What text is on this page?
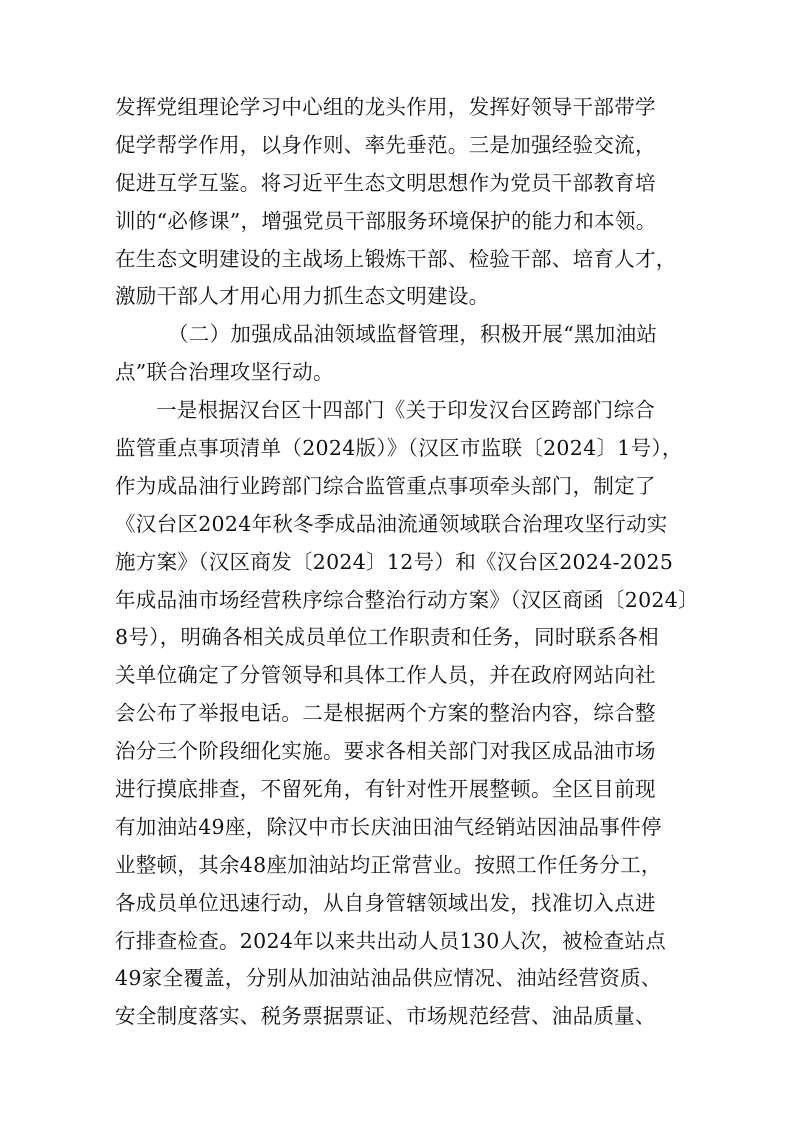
发挥党组理论学习中心组的龙头作用，发挥好领导干部带学
促学帮学作用，以身作则、率先垂范。三是加强经验交流，
促进互学互鉴。将习近平生态文明思想作为党员干部教育培
训的“必修课”，增强党员干部服务环境保护的能力和本领。
在生态文明建设的主战场上锻炼干部、检验干部、培育人才，
激励干部人才用心用力抓生态文明建设。
（二）加强成品油领域监督管理，积极开展“黑加油站
点”联合治理攻坚行动。
一是根据汉台区十四部门《关于印发汉台区跨部门综合
监管重点事项清单（2024版）》（汉区市监联〔2024〕1号），
作为成品油行业跨部门综合监管重点事项牵头部门，制定了
《汉台区2024年秋冬季成品油流通领域联合治理攻坚行动实
施方案》（汉区商发〔2024〕12号）和《汉台区2024-2025
年成品油市场经营秩序综合整治行动方案》（汉区商函〔2024〕
8号），明确各相关成员单位工作职责和任务，同时联系各相
关单位确定了分管领导和具体工作人员，并在政府网站向社
会公布了举报电话。二是根据两个方案的整治内容，综合整
治分三个阶段细化实施。要求各相关部门对我区成品油市场
进行摸底排查，不留死角，有针对性开展整顿。全区目前现
有加油站49座，除汉中市长庆油田油气经销站因油品事件停
业整顿，其余48座加油站均正常营业。按照工作任务分工，
各成员单位迅速行动，从自身管辖领域出发，找准切入点进
行排查检查。2024年以来共出动人员130人次，被检查站点
49家全覆盖，分别从加油站油品供应情况、油站经营资质、
安全制度落实、税务票据票证、市场规范经营、油品质量、
